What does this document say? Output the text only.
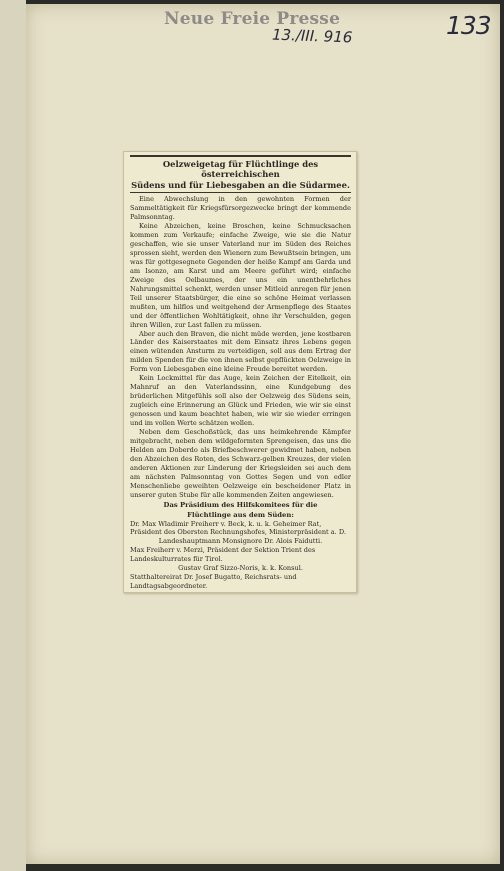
Neue Freie Presse
13./III. 916	133

Oelzweigetag für Flüchtlinge des österreichischen

Südens und für Liebesgaben an die Südarmee.

Eine Abwechslung in den gewohnten Formen der Sammeltätigkeit für Kriegsfürsorgezwecke bringt der kommende Palmsonntag.

Keine Abzeichen, keine Broschen, keine Schmucksachen kommen zum Verkaufe; einfache Zweige, wie sie die Natur geschaffen, wie sie unser Vaterland nur im Süden des Reiches sprossen sieht, werden den Wienern zum Bewußtsein bringen, um was für gottgesegnete Gegenden der heiße Kampf am Garda und am Isonzo, am Karst und am Meere geführt wird; einfache Zweige des Oelbaumes, der uns ein unentbehrliches Nahrungsmittel schenkt, werden unser Mitleid anregen für jenen Teil unserer Staatsbürger, die eine so schöne Heimat verlassen mußten, um hilflos und weitgehend der Armenpflege des Staates und der öffentlichen Wohltätigkeit, ohne ihr Verschulden, gegen ihren Willen, zur Last fallen zu müssen.

Aber auch den Braven, die nicht müde werden, jene kostbaren Länder des Kaiserstaates mit dem Einsatz ihres Lebens gegen einen wütenden Ansturm zu verteidigen, soll aus dem Ertrag der milden Spenden für die von ihnen selbst gepflückten Oelzweige in Form von Liebesgaben eine kleine Freude bereitet werden.

Kein Lockmittel für das Auge, kein Zeichen der Eitelkeit, ein Mahnruf an den Vaterlandssinn, eine Kundgebung des brüderlichen Mitgefühls soll also der Oelzweig des Südens sein, zugleich eine Erinnerung an Glück und Frieden, wie wir sie einst genossen und kaum beachtet haben, wie wir sie wieder erringen und im vollen Werte schätzen wollen.

Neben dem Geschoßstück, das uns heimkehrende Kämpfer mitgebracht, neben dem wildgeformten Sprengeisen, das uns die Helden am Doberdo als Briefbeschwerer gewidmet haben, neben den Abzeichen des Roten, des Schwarz-gelben Kreuzes, der vielen anderen Aktionen zur Linderung der Kriegsleiden sei auch dem am nächsten Palmsonntag von Gottes Segen und von edler Menschenliebe geweihten Oelzweige ein bescheidener Platz in unserer guten Stube für alle kommenden Zeiten angewiesen.

Das Präsidium des Hilfskomitees für die

Flüchtlinge aus dem Süden:

Dr. Max Wladimir Freiherr v. Beck, k. u. k. Geheimer Rat, Präsident des Obersten Rechnungshofes, Ministerpräsident a. D.

Landeshauptmann Monsignore Dr. Alois Faidutti.

Max Freiherr v. Merzi, Präsident der Sektion Trient des Landeskulturrates für Tirol.

Gustav Graf Sizzo-Noris, k. k. Konsul.

Statthaltereirat Dr. Josef Bugatto, Reichsrats- und Landtagsabgeordneter.
